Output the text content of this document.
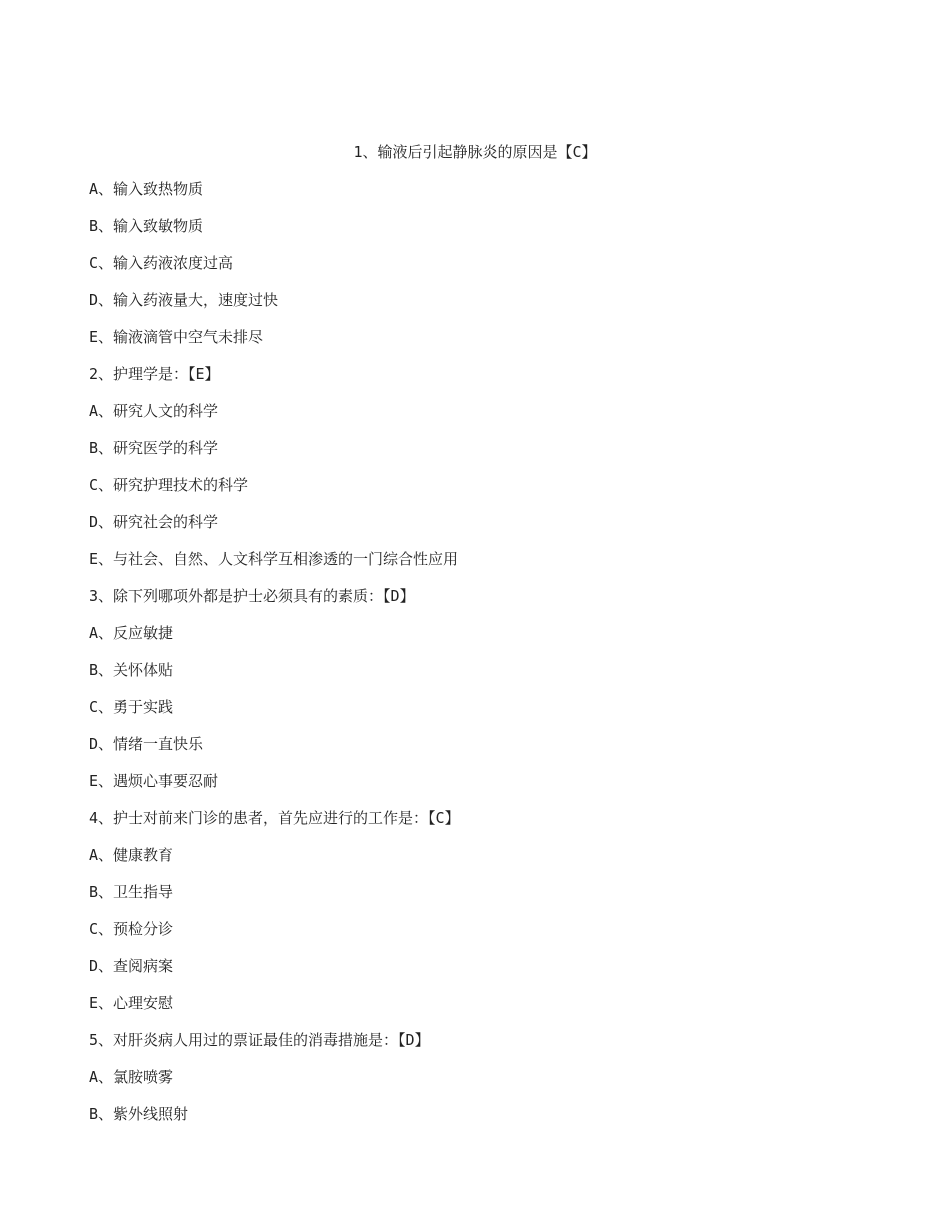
1、输液后引起静脉炎的原因是【C】
A、输入致热物质
B、输入致敏物质
C、输入药液浓度过高
D、输入药液量大，速度过快
E、输液滴管中空气未排尽
2、护理学是：【E】
A、研究人文的科学
B、研究医学的科学
C、研究护理技术的科学
D、研究社会的科学
E、与社会、自然、人文科学互相渗透的一门综合性应用
3、除下列哪项外都是护士必须具有的素质：【D】
A、反应敏捷
B、关怀体贴
C、勇于实践
D、情绪一直快乐
E、遇烦心事要忍耐
4、护士对前来门诊的患者，首先应进行的工作是：【C】
A、健康教育
B、卫生指导
C、预检分诊
D、查阅病案
E、心理安慰
5、对肝炎病人用过的票证最佳的消毒措施是：【D】
A、氯胺喷雾
B、紫外线照射
